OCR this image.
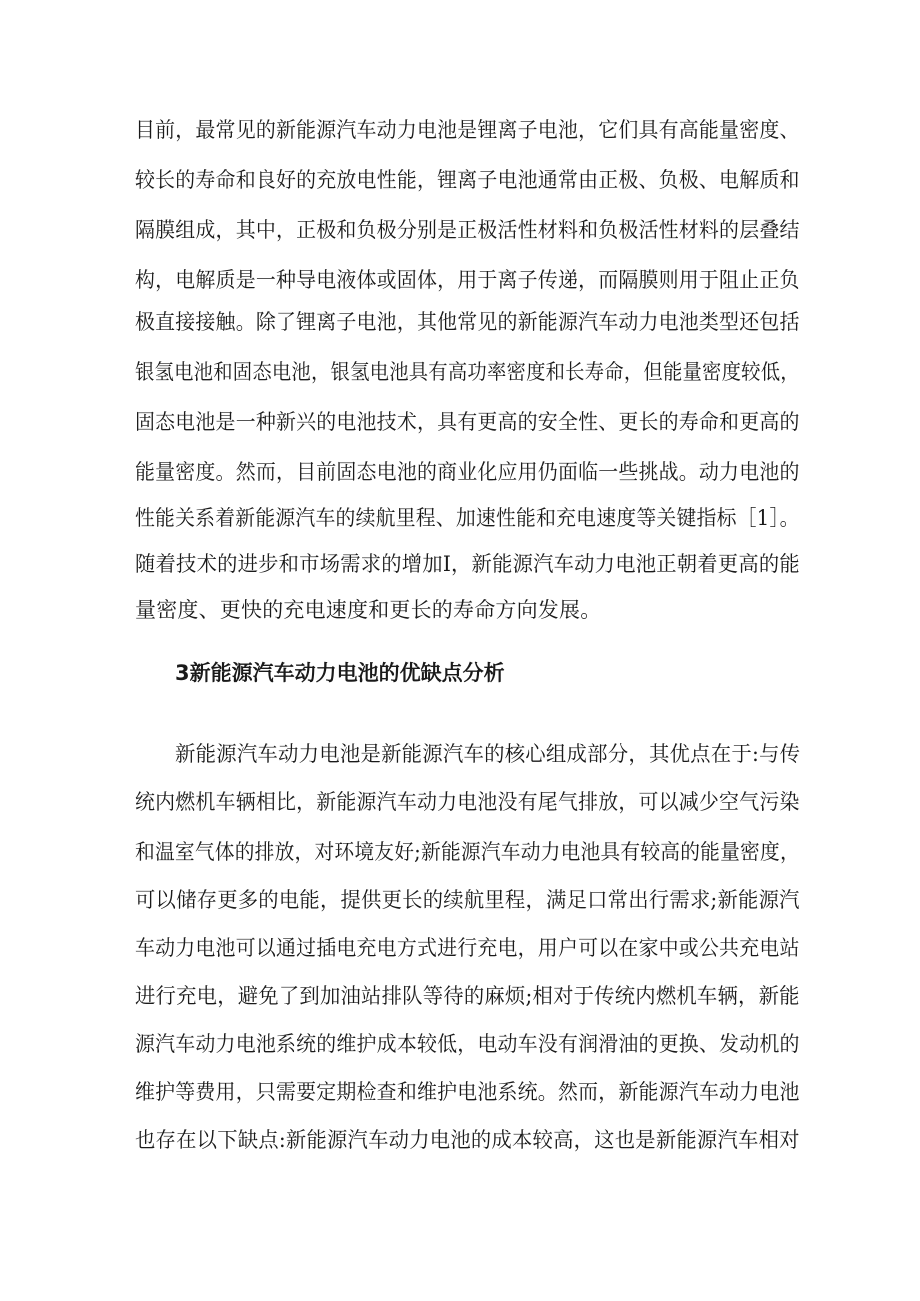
目前，最常见的新能源汽车动力电池是锂离子电池，它们具有高能量密度、
较长的寿命和良好的充放电性能，锂离子电池通常由正极、负极、电解质和
隔膜组成，其中，正极和负极分别是正极活性材料和负极活性材料的层叠结
构，电解质是一种导电液体或固体，用于离子传递，而隔膜则用于阻止正负
极直接接触。除了锂离子电池，其他常见的新能源汽车动力电池类型还包括
银氢电池和固态电池，银氢电池具有高功率密度和长寿命，但能量密度较低，
固态电池是一种新兴的电池技术，具有更高的安全性、更长的寿命和更高的
能量密度。然而，目前固态电池的商业化应用仍面临一些挑战。动力电池的
性能关系着新能源汽车的续航里程、加速性能和充电速度等关键指标［1］。
随着技术的进步和市场需求的增加I，新能源汽车动力电池正朝着更高的能
量密度、更快的充电速度和更长的寿命方向发展。
3新能源汽车动力电池的优缺点分析
新能源汽车动力电池是新能源汽车的核心组成部分，其优点在于:与传
统内燃机车辆相比，新能源汽车动力电池没有尾气排放，可以减少空气污染
和温室气体的排放，对环境友好;新能源汽车动力电池具有较高的能量密度，
可以储存更多的电能，提供更长的续航里程，满足口常出行需求;新能源汽
车动力电池可以通过插电充电方式进行充电，用户可以在家中或公共充电站
进行充电，避免了到加油站排队等待的麻烦;相对于传统内燃机车辆，新能
源汽车动力电池系统的维护成本较低，电动车没有润滑油的更换、发动机的
维护等费用，只需要定期检查和维护电池系统。然而，新能源汽车动力电池
也存在以下缺点:新能源汽车动力电池的成本较高，这也是新能源汽车相对
